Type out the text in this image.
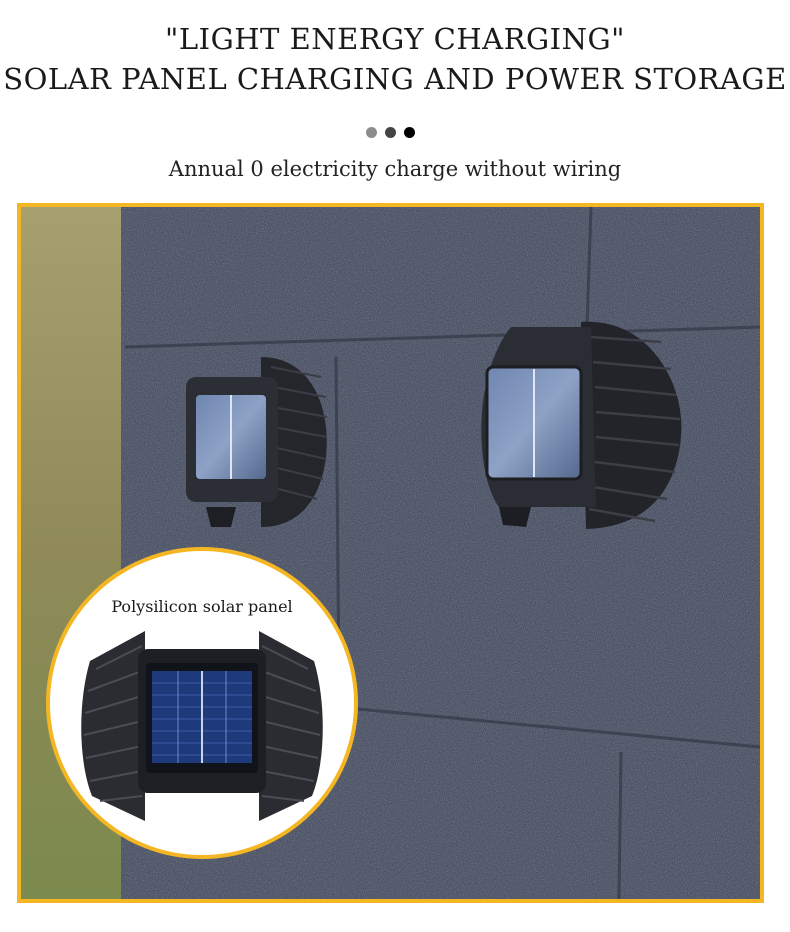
"LIGHT ENERGY CHARGING"
SOLAR PANEL CHARGING AND POWER STORAGE
Annual 0 electricity charge without wiring
Polysilicon solar panel
